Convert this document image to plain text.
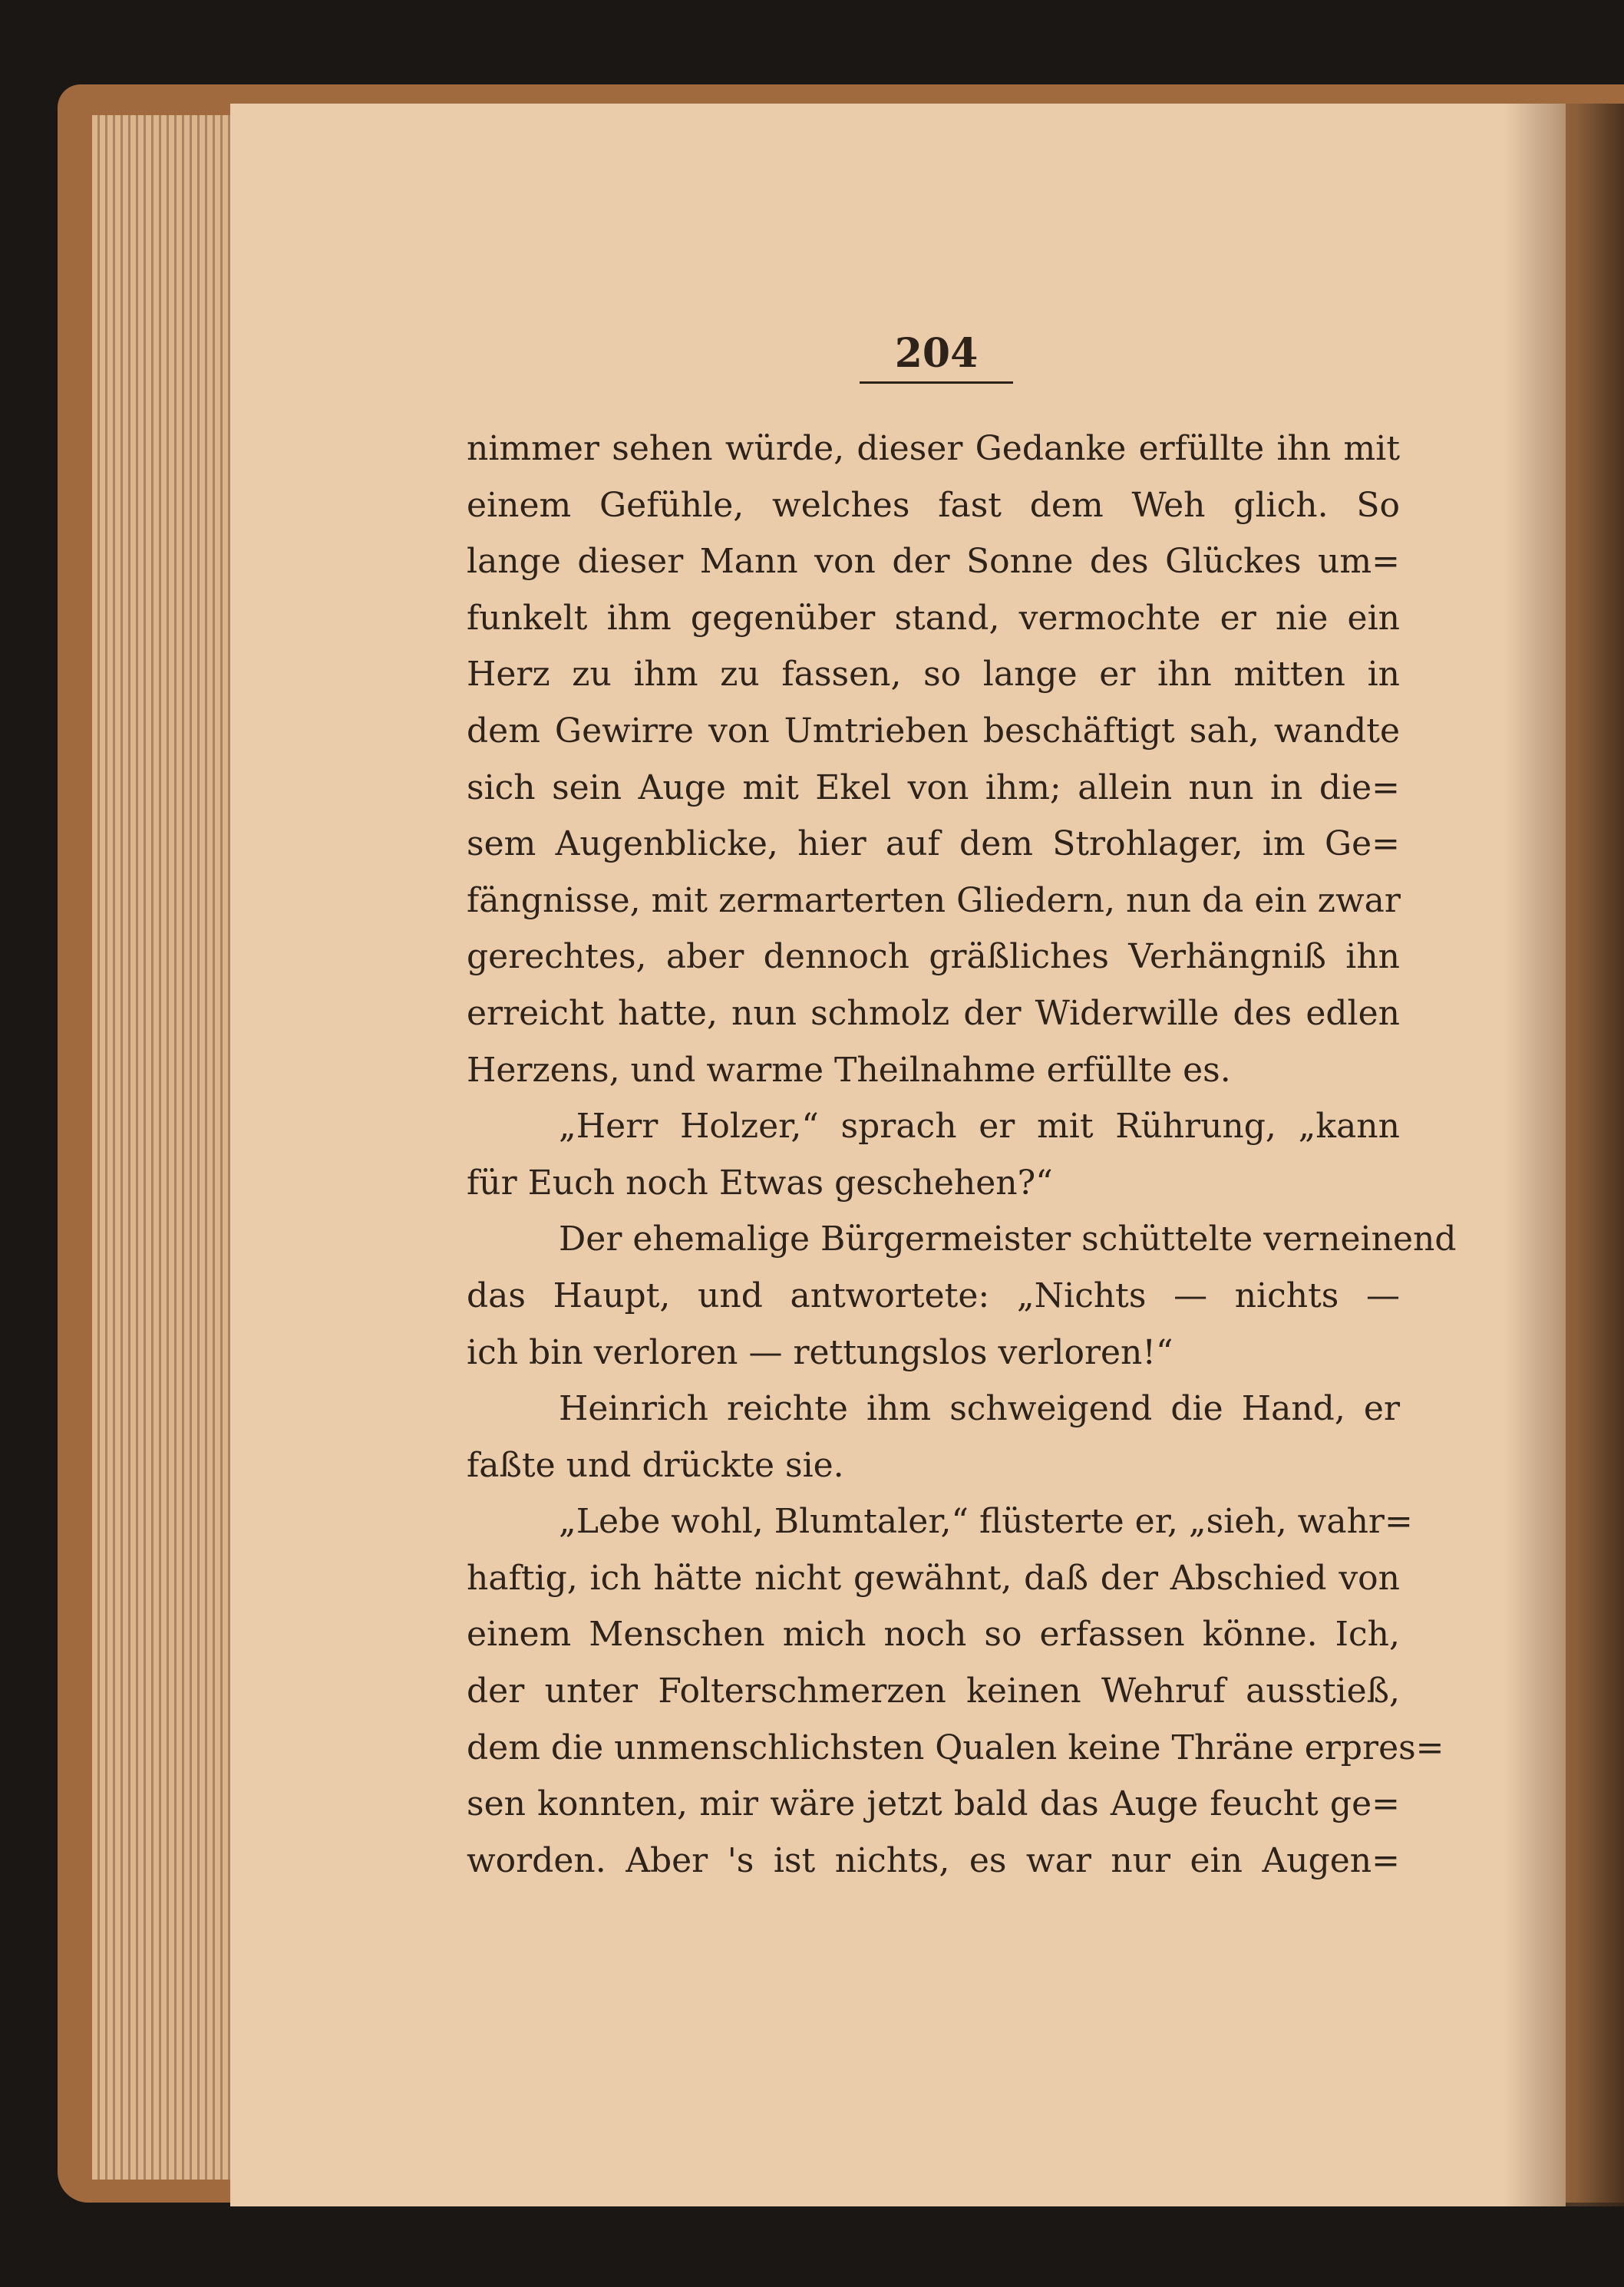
204
nimmer sehen würde, dieser Gedanke erfüllte ihn mit
einem Gefühle, welches fast dem Weh glich. So
lange dieser Mann von der Sonne des Glückes um=
funkelt ihm gegenüber stand, vermochte er nie ein
Herz zu ihm zu fassen, so lange er ihn mitten in
dem Gewirre von Umtrieben beschäftigt sah, wandte
sich sein Auge mit Ekel von ihm; allein nun in die=
sem Augenblicke, hier auf dem Strohlager, im Ge=
fängnisse, mit zermarterten Gliedern, nun da ein zwar
gerechtes, aber dennoch gräßliches Verhängniß ihn
erreicht hatte, nun schmolz der Widerwille des edlen
Herzens, und warme Theilnahme erfüllte es.
„Herr Holzer,“ sprach er mit Rührung, „kann
für Euch noch Etwas geschehen?“
Der ehemalige Bürgermeister schüttelte verneinend
das Haupt, und antwortete: „Nichts — nichts —
ich bin verloren — rettungslos verloren!“
Heinrich reichte ihm schweigend die Hand, er
faßte und drückte sie.
„Lebe wohl, Blumtaler,“ flüsterte er, „sieh, wahr=
haftig, ich hätte nicht gewähnt, daß der Abschied von
einem Menschen mich noch so erfassen könne. Ich,
der unter Folterschmerzen keinen Wehruf ausstieß,
dem die unmenschlichsten Qualen keine Thräne erpres=
sen konnten, mir wäre jetzt bald das Auge feucht ge=
worden. Aber 's ist nichts, es war nur ein Augen=
